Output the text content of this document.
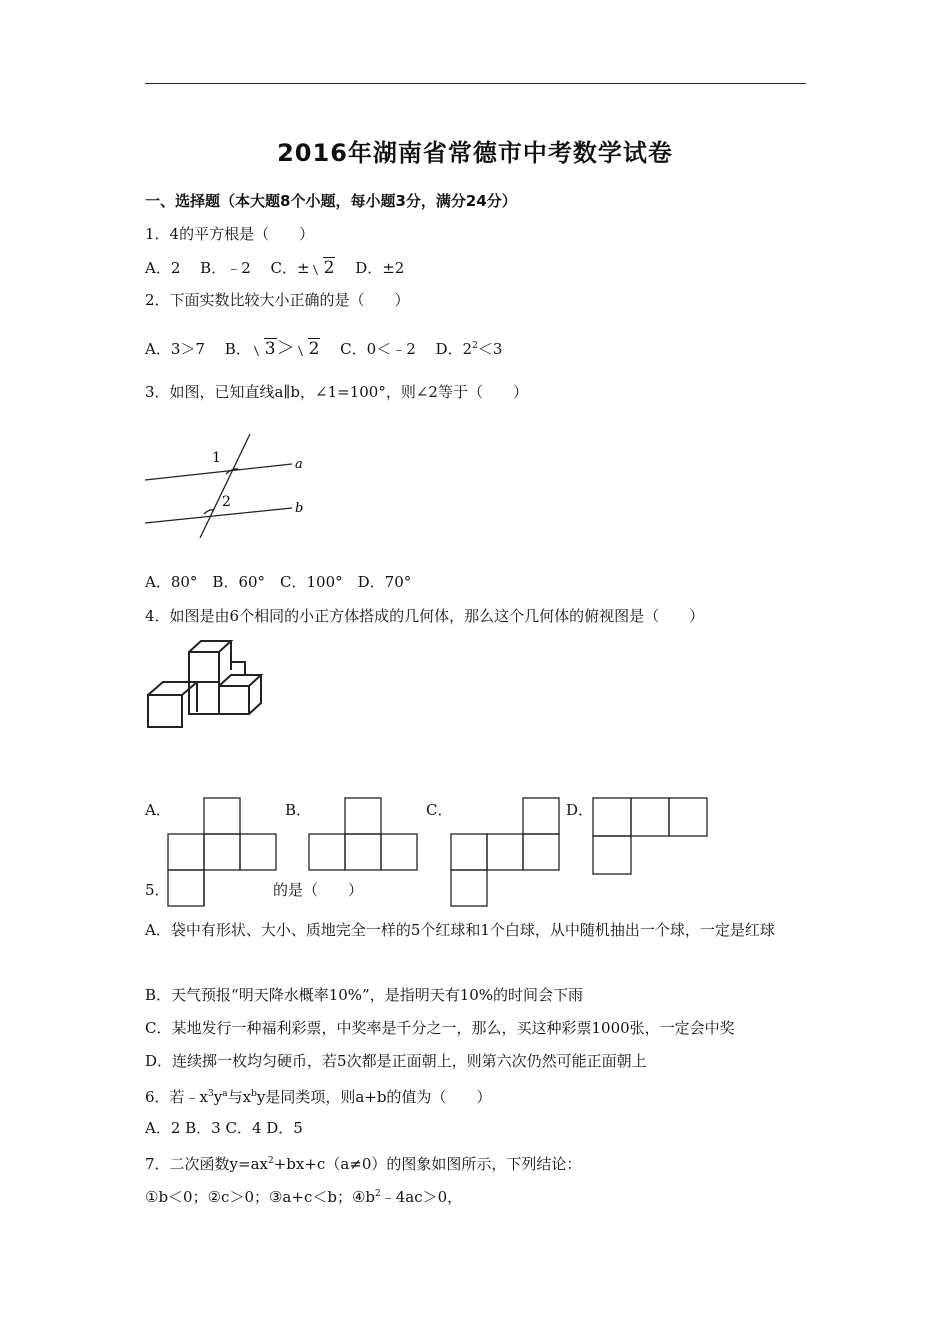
2016年湖南省常德市中考数学试卷
一、选择题（本大题8个小题，每小题3分，满分24分）
1．4的平方根是（　　）
A．2　 B．﹣2　 C．± 2　 D．±2
2．下面实数比较大小正确的是（　　）
A．3＞7　 B． 3＞ 2　 C．0＜﹣2　 D．$2^2<3$
3．如图，已知直线a∥b，∠1=100°，则∠2等于（　　）
1
2
a
b
A．80°　B．60°　C．100°　D．70°
4．如图是由6个相同的小正方体搭成的几何体，那么这个几何体的俯视图是（　　）
A．	B．	C．	D．
5．	的是（　　）
A．袋中有形状、大小、质地完全一样的5个红球和1个白球，从中随机抽出一个球，一定是红球
B．天气预报“明天降水概率10%”，是指明天有10%的时间会下雨
C．某地发行一种福利彩票，中奖率是千分之一，那么，买这种彩票1000张，一定会中奖
D．连续掷一枚均匀硬币，若5次都是正面朝上，则第六次仍然可能正面朝上
6．若$﹣x^3y^a$与$x^by$是同类项，则a+b的值为（　　）
A．2 B．3 C．4 D．5
7．二次函数$y=ax^2+bx+c(a\ne 0)$的图象如图所示，下列结论：
①b＜0；②c＞0；③a+c＜b；$④b^2﹣4ac>0$，
